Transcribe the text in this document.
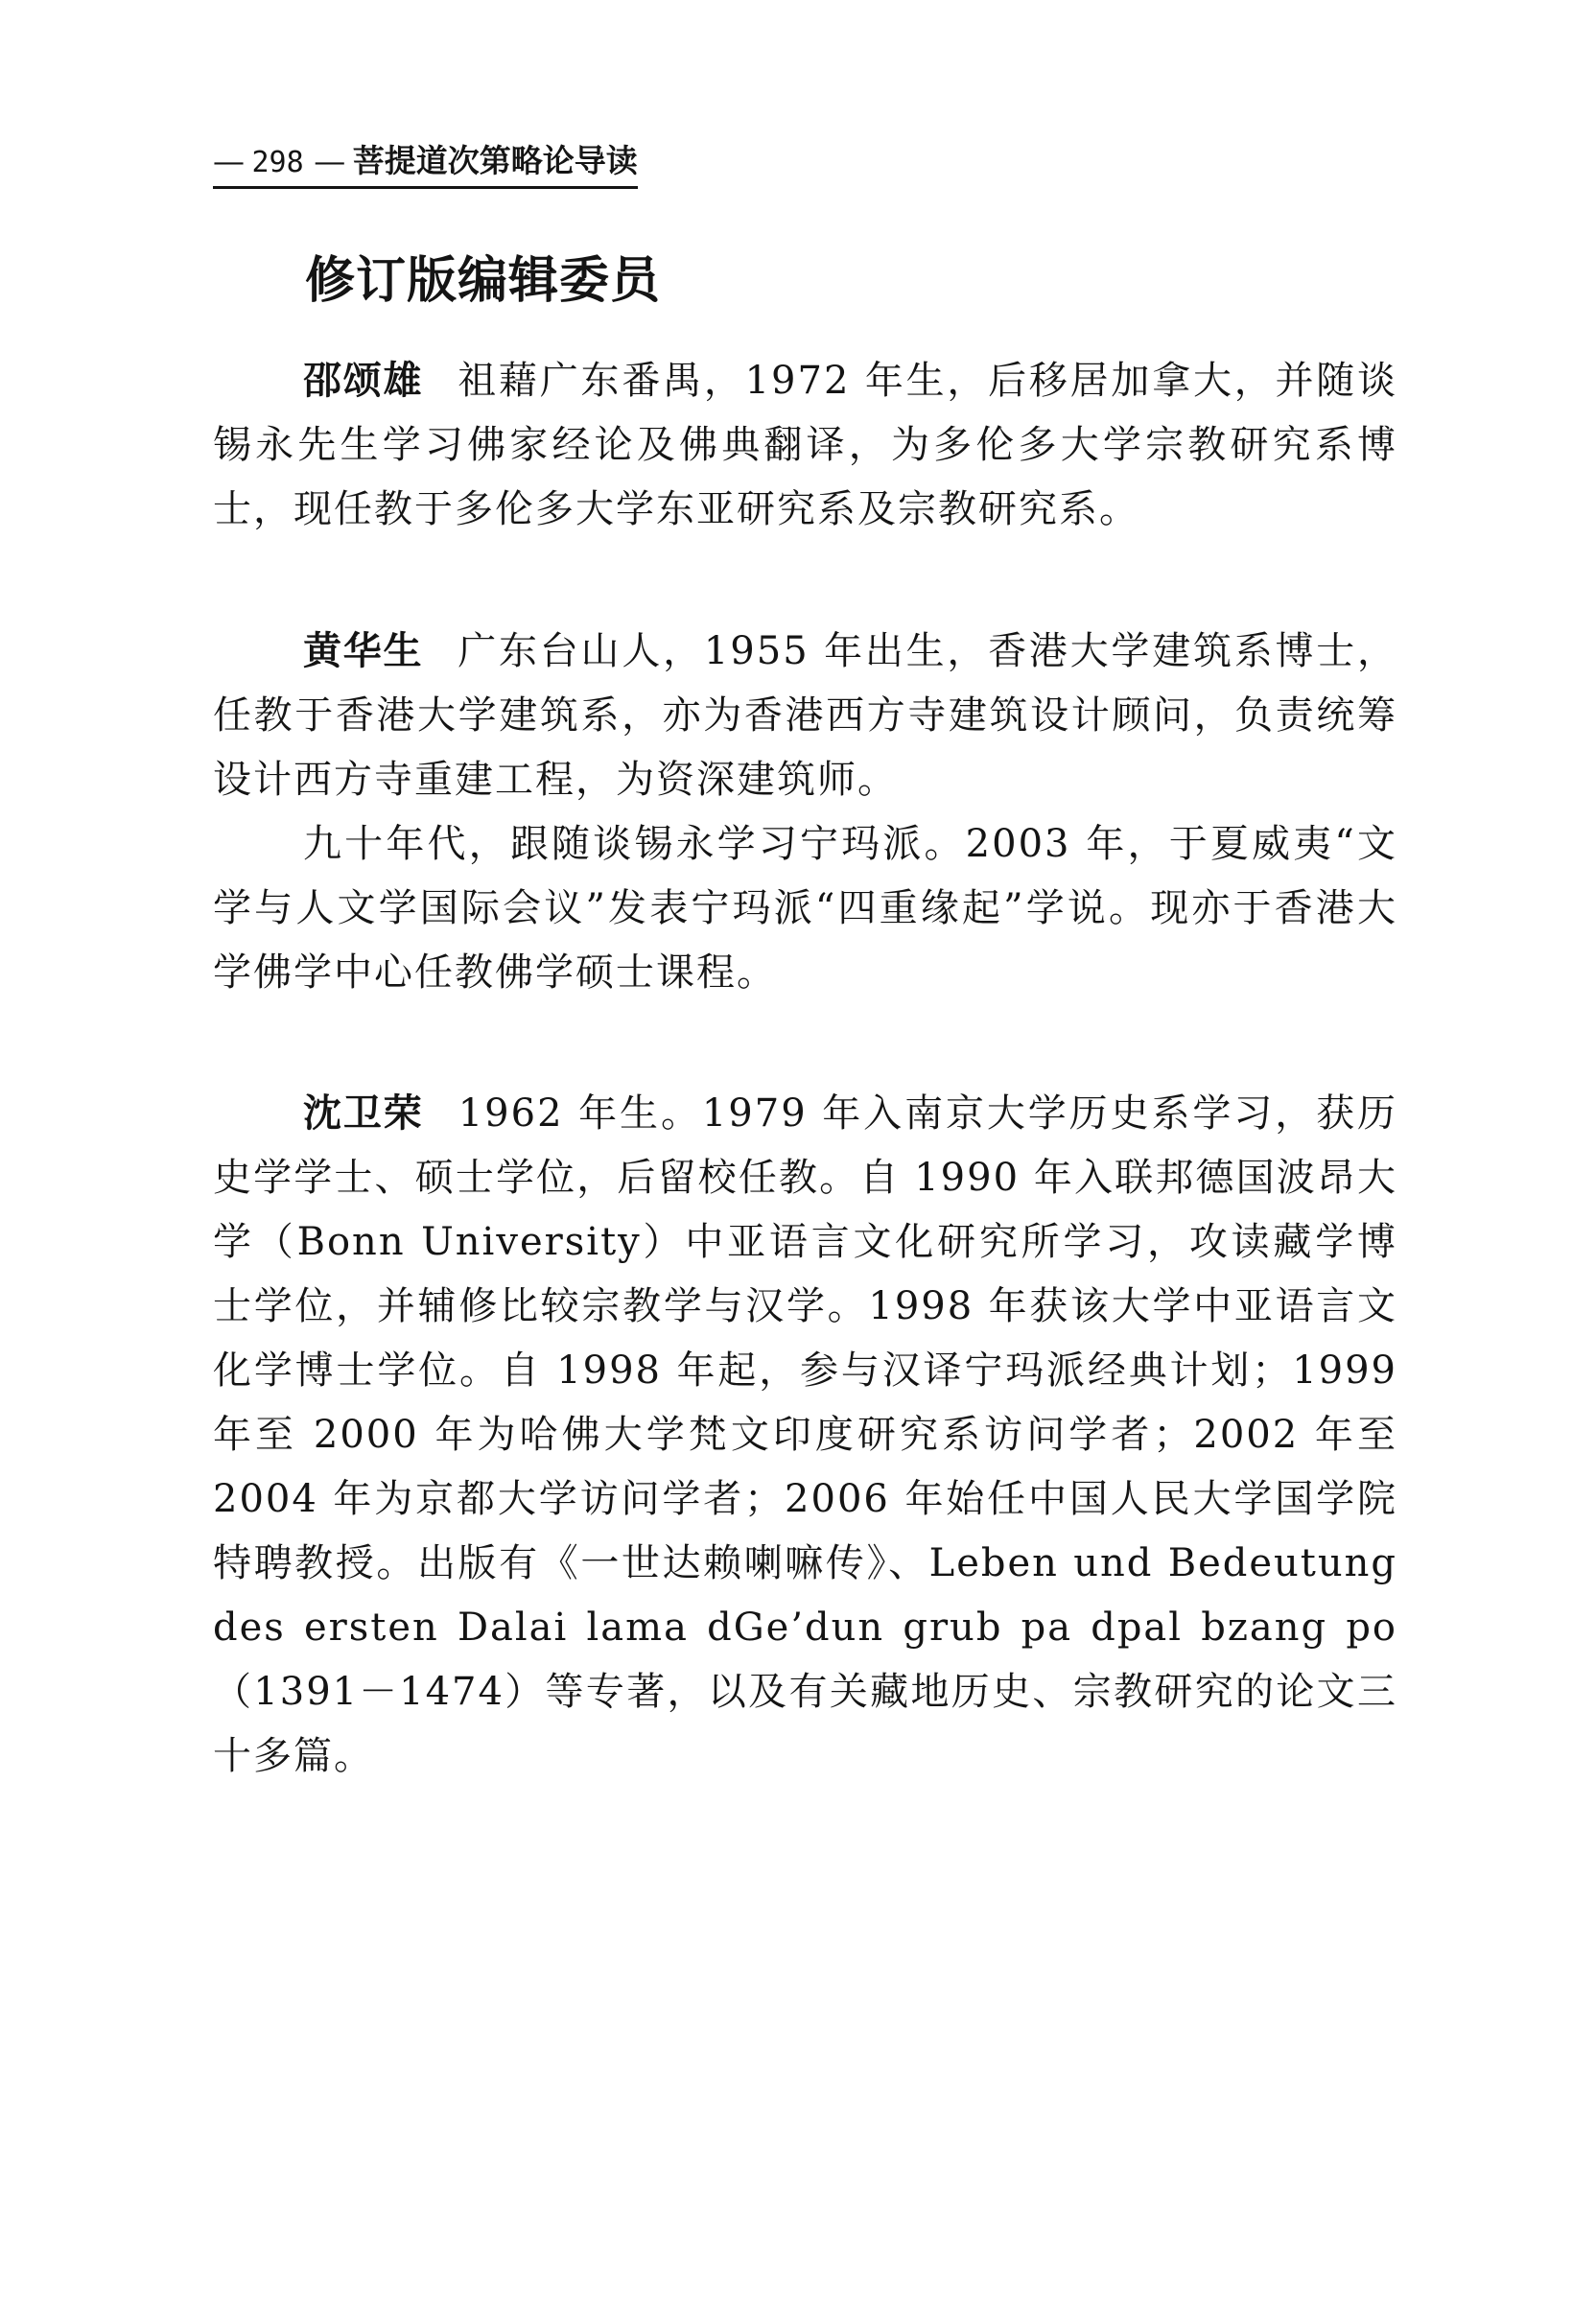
— 298 — 菩提道次第略论导读
修订版编辑委员

邵颂雄 祖藉广东番禺，1972 年生，后移居加拿大，并随谈锡永先生学习佛家经论及佛典翻译，为多伦多大学宗教研究系博士，现任教于多伦多大学东亚研究系及宗教研究系。

黄华生 广东台山人，1955 年出生，香港大学建筑系博士，任教于香港大学建筑系，亦为香港西方寺建筑设计顾问，负责统筹设计西方寺重建工程，为资深建筑师。

九十年代，跟随谈锡永学习宁玛派。2003 年，于夏威夷“文学与人文学国际会议”发表宁玛派“四重缘起”学说。现亦于香港大学佛学中心任教佛学硕士课程。

沈卫荣 1962 年生。1979 年入南京大学历史系学习，获历史学学士、硕士学位，后留校任教。自 1990 年入联邦德国波昂大学（Bonn University）中亚语言文化研究所学习，攻读藏学博士学位，并辅修比较宗教学与汉学。1998 年获该大学中亚语言文化学博士学位。自 1998 年起，参与汉译宁玛派经典计划；1999 年至 2000 年为哈佛大学梵文印度研究系访问学者；2002 年至 2004 年为京都大学访问学者；2006 年始任中国人民大学国学院特聘教授。出版有《一世达赖喇嘛传》、Leben und Bedeutung des ersten Dalai lama dGe’dun grub pa dpal bzang po（1391－1474）等专著，以及有关藏地历史、宗教研究的论文三十多篇。
